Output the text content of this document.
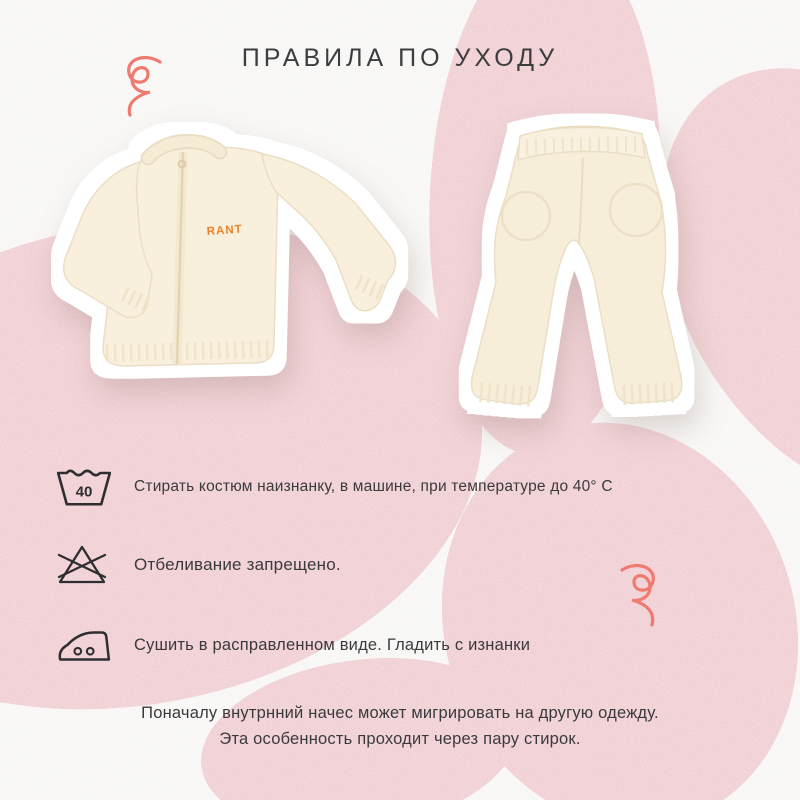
ПРАВИЛА ПО УХОДУ
RANT
40	Стирать костюм наизнанку, в машине, при температуре до 40° С
Отбеливание запрещено.
Сушить в расправленном виде. Гладить с изнанки
Поначалу внутрнний начес может мигрировать на другую одежду.
Эта особенность проходит через пару стирок.
